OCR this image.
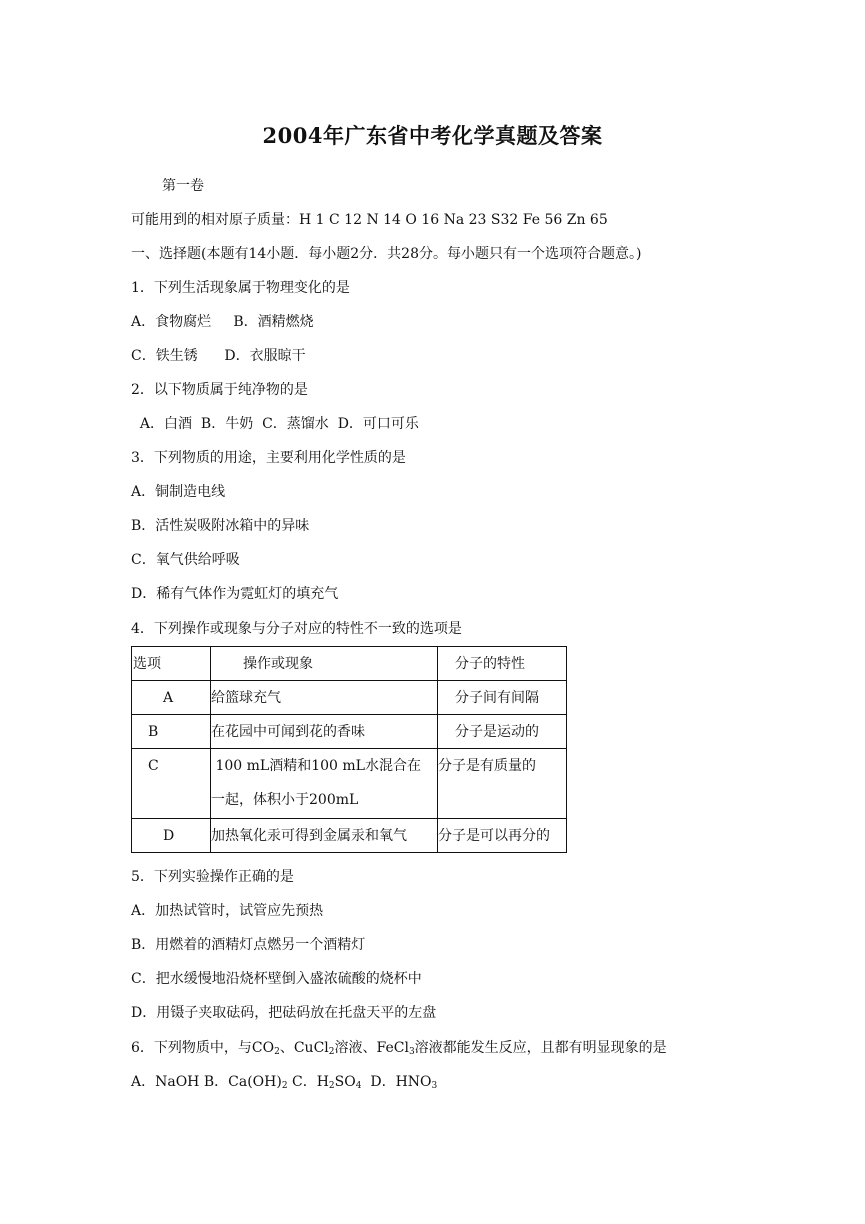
2004年广东省中考化学真题及答案
第一卷
可能用到的相对原子质量：H 1 C 12 N 14 O 16 Na 23 S32 Fe 56 Zn 65
一、选择题(本题有14小题．每小题2分．共28分。每小题只有一个选项符合题意。)
1．下列生活现象属于物理变化的是
A．食物腐烂     B．酒精燃烧
C．铁生锈      D．衣服晾干
2．以下物质属于纯净物的是
A．白酒  B．牛奶  C．蒸馏水  D．可口可乐
3．下列物质的用途，主要利用化学性质的是
A．铜制造电线
B．活性炭吸附冰箱中的异味
C．氧气供给呼吸
D．稀有气体作为霓虹灯的填充气
4．下列操作或现象与分子对应的特性不一致的选项是
选项	操作或现象	分子的特性

A	给篮球充气	分子间有间隔

B	在花园中可闻到花的香味	分子是运动的

C	100 mL酒精和100 mL水混合在
一起，体积小于200mL	分子是有质量的

D	加热氧化汞可得到金属汞和氧气	分子是可以再分的
5．下列实验操作正确的是
A．加热试管时，试管应先预热
B．用燃着的酒精灯点燃另一个酒精灯
C．把水缓慢地沿烧杯壁倒入盛浓硫酸的烧杯中
D．用镊子夹取砝码，把砝码放在托盘天平的左盘
6．下列物质中，与$CO_2$、CuCl$_2$溶液、FeCl$_3$溶液都能发生反应，且都有明显现象的是
A．NaOH B．$Ca(OH)_2$ C．$H_2SO_4$  D．$HNO_3$
